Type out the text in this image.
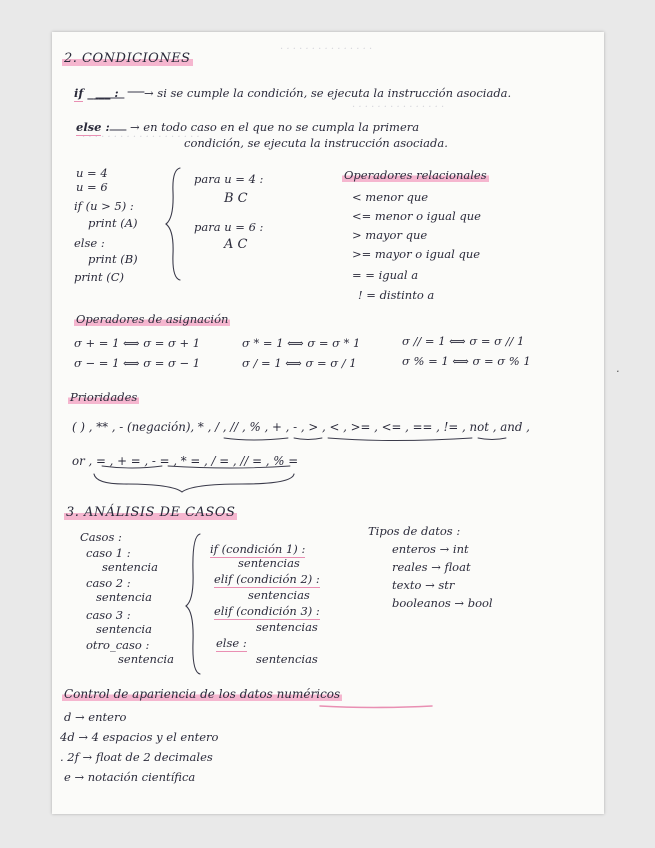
· · · · · · · · · · · · · · ·
· · · · · · · · · · · · · · ·
· · · · · · · · · · · · · · · · · · ·
2. CONDICIONES
if ____ : → si se cumple la condición, se ejecuta la instrucción asociada.
else : → en todo caso en el que no se cumpla la primera
condición, se ejecuta la instrucción asociada.
u = 4
u = 6
if (u > 5) :
print (A)
else :
print (B)
print (C)
para u = 4 :
B C
para u = 6 :
A C
Operadores relacionales
< menor que
<= menor o igual que
> mayor que
>= mayor o igual que
= = igual a
! = distinto a
Operadores de asignación
σ + = 1 ⟺ σ = σ + 1	σ * = 1 ⟺ σ = σ * 1	σ // = 1 ⟺ σ = σ // 1
σ − = 1 ⟺ σ = σ − 1	σ / = 1 ⟺ σ = σ / 1	σ % = 1 ⟺ σ = σ % 1
Prioridades
( ) , ** , - (negación), * , / , // , % , + , - , > , < , >= , <= , == , != , not , and ,
or , = , + = , - = , * = , / = , // = , % =
3. ANÁLISIS DE CASOS
Casos :
caso 1 :
sentencia
caso 2 :
sentencia
caso 3 :
sentencia
otro_caso :
sentencia
if (condición 1) :
sentencias
elif (condición 2) :
sentencias
elif (condición 3) :
sentencias
else :
sentencias
Tipos de datos :
enteros → int
reales → float
texto → str
booleanos → bool
Control de apariencia de los datos numéricos
d → entero
4d → 4 espacios y el entero
. 2f → float de 2 decimales
e → notación científica
·
